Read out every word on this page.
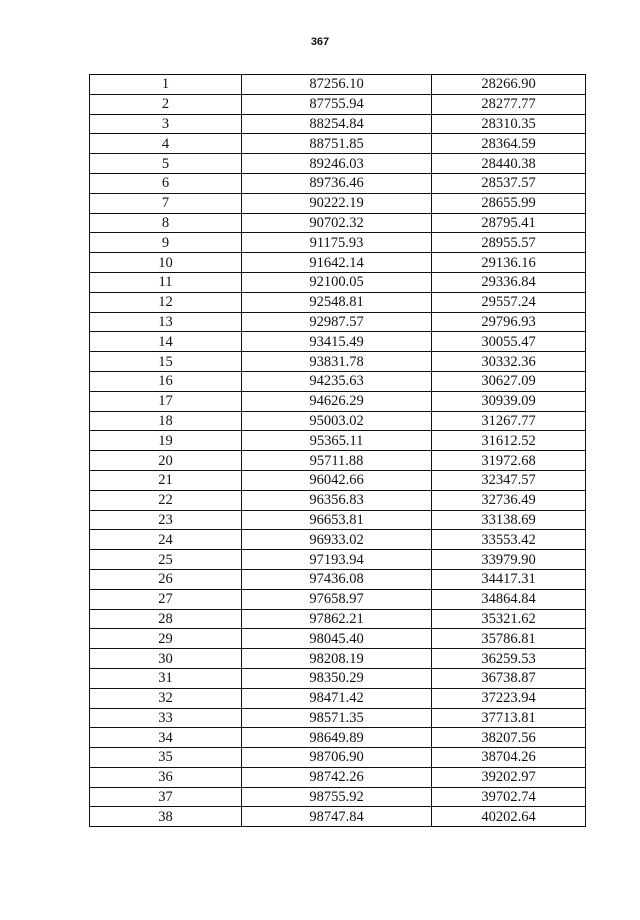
367
1	87256.10	28266.90
2	87755.94	28277.77
3	88254.84	28310.35
4	88751.85	28364.59
5	89246.03	28440.38
6	89736.46	28537.57
7	90222.19	28655.99
8	90702.32	28795.41
9	91175.93	28955.57
10	91642.14	29136.16
11	92100.05	29336.84
12	92548.81	29557.24
13	92987.57	29796.93
14	93415.49	30055.47
15	93831.78	30332.36
16	94235.63	30627.09
17	94626.29	30939.09
18	95003.02	31267.77
19	95365.11	31612.52
20	95711.88	31972.68
21	96042.66	32347.57
22	96356.83	32736.49
23	96653.81	33138.69
24	96933.02	33553.42
25	97193.94	33979.90
26	97436.08	34417.31
27	97658.97	34864.84
28	97862.21	35321.62
29	98045.40	35786.81
30	98208.19	36259.53
31	98350.29	36738.87
32	98471.42	37223.94
33	98571.35	37713.81
34	98649.89	38207.56
35	98706.90	38704.26
36	98742.26	39202.97
37	98755.92	39702.74
38	98747.84	40202.64
